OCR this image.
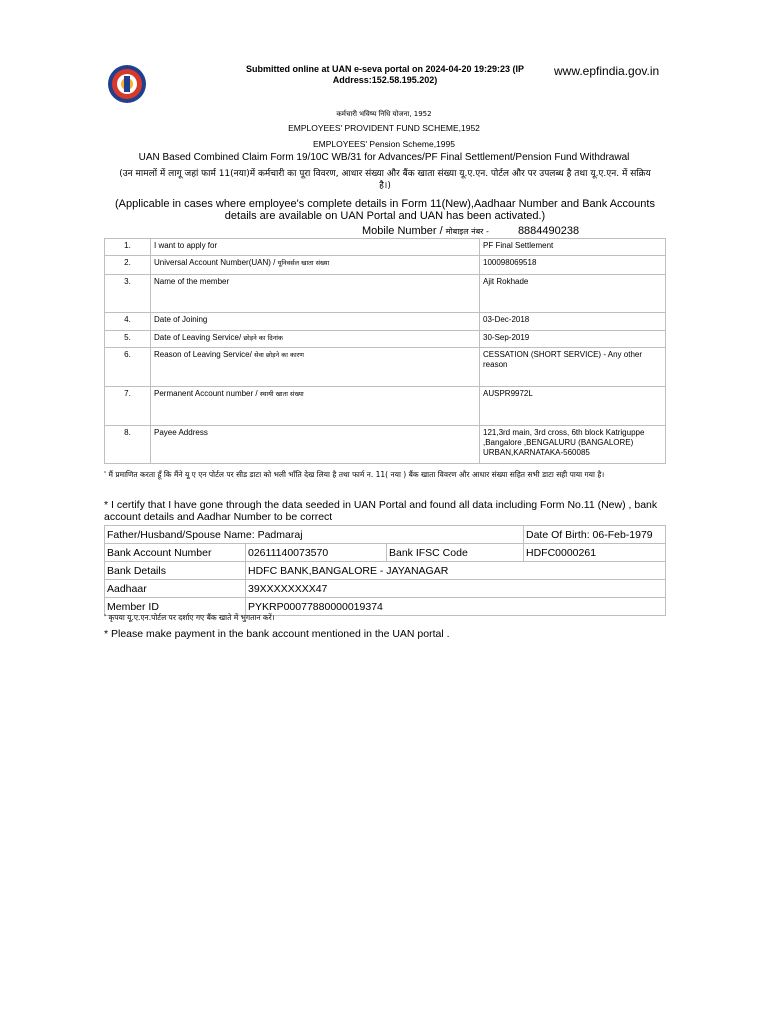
Submitted online at UAN e-seva portal on 2024-04-20 19:29:23 (IP
Address:152.58.195.202)
www.epfindia.gov.in
कर्मचारी भविष्य निधि योजना, 1952
EMPLOYEES' PROVIDENT FUND SCHEME,1952
EMPLOYEES' Pension Scheme,1995
UAN Based Combined Claim Form 19/10C WB/31 for Advances/PF Final Settlement/Pension Fund Withdrawal
(उन मामलों में लागू जहां फार्म 11(नया)में कर्मचारी का पूरा विवरण, आधार संख्या और बैंक खाता संख्या यू.ए.एन. पोर्टल और पर उपलब्ध है तथा यू.ए.एन. में सक्रिय है।)
(Applicable in cases where employee's complete details in Form 11(New),Aadhaar Number and Bank Accounts details are available on UAN Portal and UAN has been activated.)
Mobile Number / मोबाइल नंबर -	8884490238
1.	I want to apply for	PF Final Settlement
2.	Universal Account Number(UAN) / यूनिवर्सल खाता संख्या	100098069518
3.	Name of the member	Ajit Rokhade
4.	Date of Joining	03-Dec-2018
5.	Date of Leaving Service/ छोड़ने का दिनांक	30-Sep-2019
6.	Reason of Leaving Service/ सेवा छोड़ने का कारण	CESSATION (SHORT SERVICE) - Any other reason
7.	Permanent Account number / स्थायी खाता संख्या	AUSPR9972L
8.	Payee Address	121,3rd main, 3rd cross, 6th block Katriguppe ,Bangalore ,BENGALURU (BANGALORE) URBAN,KARNATAKA-560085
' मैं प्रमाणित करता हूँ कि मैंने यू ए एन पोर्टल पर सीड डाटा को भली भाँति देख लिया है तथा फार्म न. 11( नया ) बैंक खाता विवरण और आधार संख्या सहित सभी डाटा सही पाया गया है।
* I certify that I have gone through the data seeded in UAN Portal and found all data including Form No.11 (New) , bank account details and Aadhar Number to be correct
Father/Husband/Spouse Name: Padmaraj			Date Of Birth: 06-Feb-1979
Bank Account Number	02611140073570	Bank IFSC Code	HDFC0000261
Bank Details	HDFC BANK,BANGALORE - JAYANAGAR		
Aadhaar	39XXXXXXXX47		
Member ID	PYKRP00077880000019374		
' कृपया यू.ए.एन.पोर्टल पर दर्शाए गए बैंक खाते में भुगतान करें।
* Please make payment in the bank account mentioned in the UAN portal .
